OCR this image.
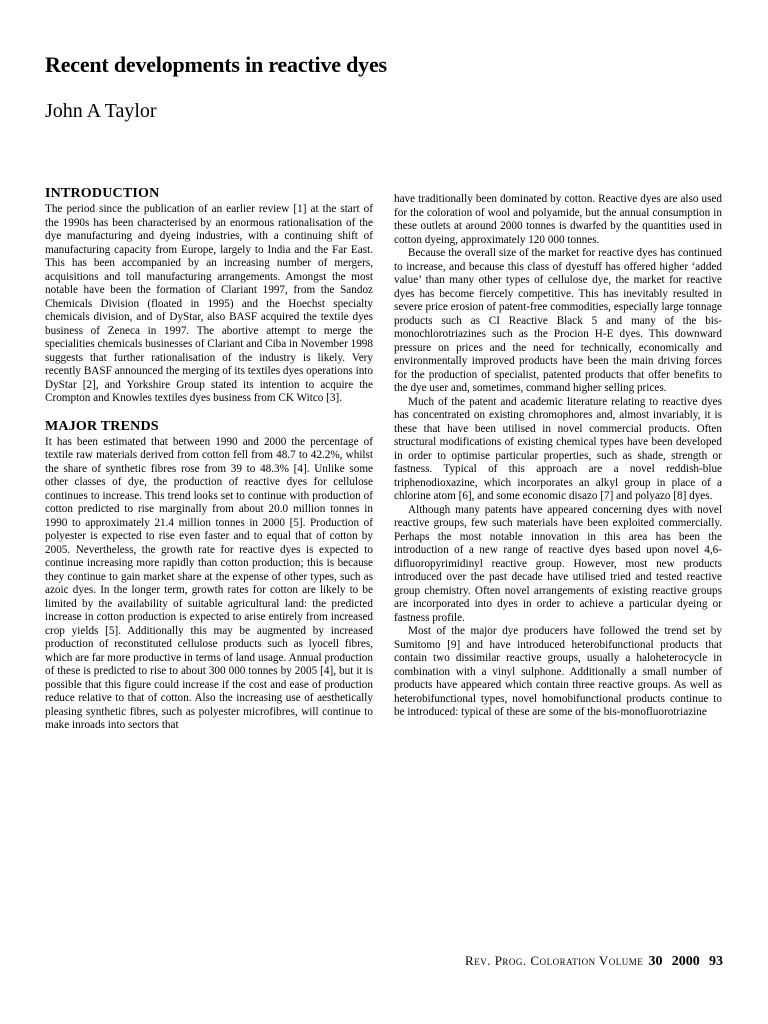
Recent developments in reactive dyes
John A Taylor
INTRODUCTION

The period since the publication of an earlier review [1] at the start of the 1990s has been characterised by an enormous rationalisation of the dye manufacturing and dyeing industries, with a continuing shift of manufacturing capacity from Europe, largely to India and the Far East. This has been accompanied by an increasing number of mergers, acquisitions and toll manufacturing arrangements. Amongst the most notable have been the formation of Clariant 1997, from the Sandoz Chemicals Division (floated in 1995) and the Hoechst specialty chemicals division, and of DyStar, also BASF acquired the textile dyes business of Zeneca in 1997. The abortive attempt to merge the specialities chemicals businesses of Clariant and Ciba in November 1998 suggests that further rationalisation of the industry is likely. Very recently BASF announced the merging of its textiles dyes operations into DyStar [2], and Yorkshire Group stated its intention to acquire the Crompton and Knowles textiles dyes business from CK Witco [3].

MAJOR TRENDS

It has been estimated that between 1990 and 2000 the percentage of textile raw materials derived from cotton fell from 48.7 to 42.2%, whilst the share of synthetic fibres rose from 39 to 48.3% [4]. Unlike some other classes of dye, the production of reactive dyes for cellulose continues to increase. This trend looks set to continue with production of cotton predicted to rise marginally from about 20.0 million tonnes in 1990 to approximately 21.4 million tonnes in 2000 [5]. Production of polyester is expected to rise even faster and to equal that of cotton by 2005. Nevertheless, the growth rate for reactive dyes is expected to continue increasing more rapidly than cotton production; this is because they continue to gain market share at the expense of other types, such as azoic dyes. In the longer term, growth rates for cotton are likely to be limited by the availability of suitable agricultural land: the predicted increase in cotton production is expected to arise entirely from increased crop yields [5]. Additionally this may be augmented by increased production of reconstituted cellulose products such as lyocell fibres, which are far more productive in terms of land usage. Annual production of these is predicted to rise to about 300 000 tonnes by 2005 [4], but it is possible that this figure could increase if the cost and ease of production reduce relative to that of cotton. Also the increasing use of aesthetically pleasing synthetic fibres, such as polyester microfibres, will continue to make inroads into sectors that

have traditionally been dominated by cotton. Reactive dyes are also used for the coloration of wool and polyamide, but the annual consumption in these outlets at around 2000 tonnes is dwarfed by the quantities used in cotton dyeing, approximately 120 000 tonnes.

Because the overall size of the market for reactive dyes has continued to increase, and because this class of dyestuff has offered higher ‘added value’ than many other types of cellulose dye, the market for reactive dyes has become fiercely competitive. This has inevitably resulted in severe price erosion of patent-free commodities, especially large tonnage products such as CI Reactive Black 5 and many of the bis-monochlorotriazines such as the Procion H-E dyes. This downward pressure on prices and the need for technically, economically and environmentally improved products have been the main driving forces for the production of specialist, patented products that offer benefits to the dye user and, sometimes, command higher selling prices.

Much of the patent and academic literature relating to reactive dyes has concentrated on existing chromophores and, almost invariably, it is these that have been utilised in novel commercial products. Often structural modifications of existing chemical types have been developed in order to optimise particular properties, such as shade, strength or fastness. Typical of this approach are a novel reddish-blue triphenodioxazine, which incorporates an alkyl group in place of a chlorine atom [6], and some economic disazo [7] and polyazo [8] dyes.

Although many patents have appeared concerning dyes with novel reactive groups, few such materials have been exploited commercially. Perhaps the most notable innovation in this area has been the introduction of a new range of reactive dyes based upon novel 4,6-difluoropyrimidinyl reactive group. However, most new products introduced over the past decade have utilised tried and tested reactive group chemistry. Often novel arrangements of existing reactive groups are incorporated into dyes in order to achieve a particular dyeing or fastness profile.

Most of the major dye producers have followed the trend set by Sumitomo [9] and have introduced heterobifunctional products that contain two dissimilar reactive groups, usually a haloheterocycle in combination with a vinyl sulphone. Additionally a small number of products have appeared which contain three reactive groups. As well as heterobifunctional types, novel homobifunctional products continue to be introduced: typical of these are some of the bis-monofluorotriazine

Rev. Prog. Coloration Volume 30 2000 93
